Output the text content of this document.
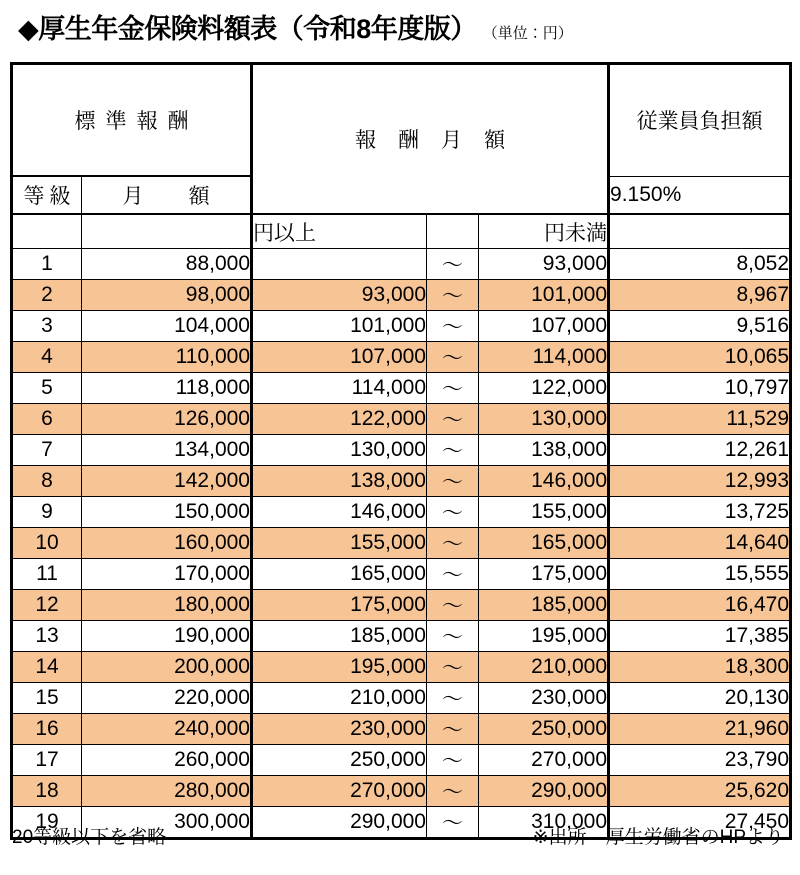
◆厚生年金保険料額表（令和8年度版） （単位：円）
標準報酬		報酬月額			従業員負担額
等級	月　額				9.150%
		円以上		円未満	
1	88,000		～	93,000	8,052
2	98,000	93,000	～	101,000	8,967
3	104,000	101,000	～	107,000	9,516
4	110,000	107,000	～	114,000	10,065
5	118,000	114,000	～	122,000	10,797
6	126,000	122,000	～	130,000	11,529
7	134,000	130,000	～	138,000	12,261
8	142,000	138,000	～	146,000	12,993
9	150,000	146,000	～	155,000	13,725
10	160,000	155,000	～	165,000	14,640
11	170,000	165,000	～	175,000	15,555
12	180,000	175,000	～	185,000	16,470
13	190,000	185,000	～	195,000	17,385
14	200,000	195,000	～	210,000	18,300
15	220,000	210,000	～	230,000	20,130
16	240,000	230,000	～	250,000	21,960
17	260,000	250,000	～	270,000	23,790
18	280,000	270,000	～	290,000	25,620
19	300,000	290,000	～	310,000	27,450
20等級以下を省略	※出所　厚生労働省のHPより
